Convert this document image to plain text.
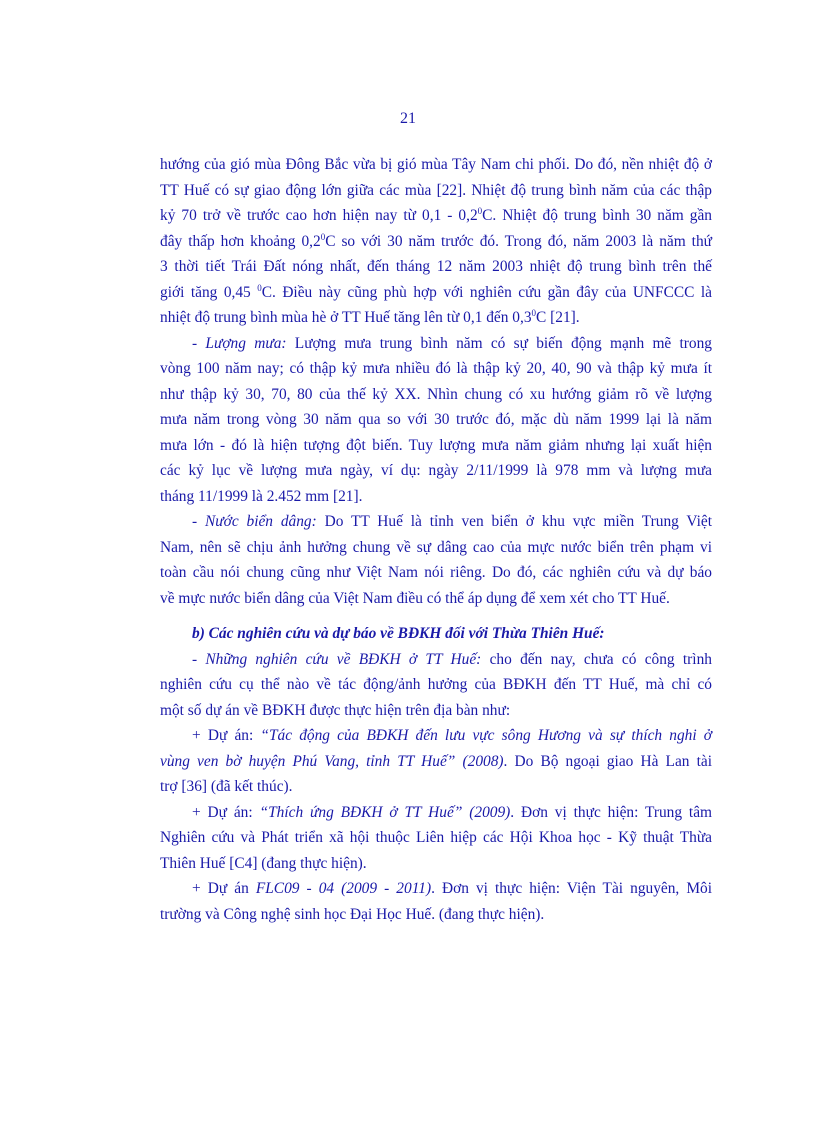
21
hướng của gió mùa Đông Bắc vừa bị gió mùa Tây Nam chi phối. Do đó, nền nhiệt độ ở
TT Huế có sự giao động lớn giữa các mùa [22]. Nhiệt độ trung bình năm của các thập
kỷ 70 trở về trước cao hơn hiện nay từ $0,1 - 0,2^0C$. Nhiệt độ trung bình 30 năm gần
đây thấp hơn khoảng $0,2^0C$ so với 30 năm trước đó. Trong đó, năm 2003 là năm thứ
3 thời tiết Trái Đất nóng nhất, đến tháng 12 năm 2003 nhiệt độ trung bình trên thế
giới tăng 0,45 $^0$C. Điều này cũng phù hợp với nghiên cứu gần đây của UNFCCC là
nhiệt độ trung bình mùa hè ở TT Huế tăng lên từ 0,1 đến $0,3^0C$ [21].
- Lượng mưa: Lượng mưa trung bình năm có sự biến động mạnh mẽ trong
vòng 100 năm nay; có thập kỷ mưa nhiều đó là thập kỷ 20, 40, 90 và thập kỷ mưa ít
như thập kỷ 30, 70, 80 của thế kỷ XX. Nhìn chung có xu hướng giảm rõ về lượng
mưa năm trong vòng 30 năm qua so với 30 trước đó, mặc dù năm 1999 lại là năm
mưa lớn - đó là hiện tượng đột biến. Tuy lượng mưa năm giảm nhưng lại xuất hiện
các kỷ lục về lượng mưa ngày, ví dụ: ngày 2/11/1999 là 978 mm và lượng mưa
tháng 11/1999 là 2.452 mm [21].
- Nước biển dâng: Do TT Huế là tỉnh ven biển ở khu vực miền Trung Việt
Nam, nên sẽ chịu ảnh hưởng chung về sự dâng cao của mực nước biển trên phạm vi
toàn cầu nói chung cũng như Việt Nam nói riêng. Do đó, các nghiên cứu và dự báo
về mực nước biển dâng của Việt Nam điều có thể áp dụng để xem xét cho TT Huế.
b) Các nghiên cứu và dự báo về BĐKH đối với Thừa Thiên Huế:
- Những nghiên cứu về BĐKH ở TT Huế: cho đến nay, chưa có công trình
nghiên cứu cụ thể nào về tác động/ảnh hưởng của BĐKH đến TT Huế, mà chỉ có
một số dự án về BĐKH được thực hiện trên địa bàn như:
+ Dự án: “Tác động của BĐKH đến lưu vực sông Hương và sự thích nghi ở
vùng ven bờ huyện Phú Vang, tỉnh TT Huế” (2008). Do Bộ ngoại giao Hà Lan tài
trợ [36] (đã kết thúc).
+ Dự án: “Thích ứng BĐKH ở TT Huế” (2009). Đơn vị thực hiện: Trung tâm
Nghiên cứu và Phát triển xã hội thuộc Liên hiệp các Hội Khoa học - Kỹ thuật Thừa
Thiên Huế [C4] (đang thực hiện).
+ Dự án FLC09 - 04 (2009 - 2011). Đơn vị thực hiện: Viện Tài nguyên, Môi
trường và Công nghệ sinh học Đại Học Huế. (đang thực hiện).
